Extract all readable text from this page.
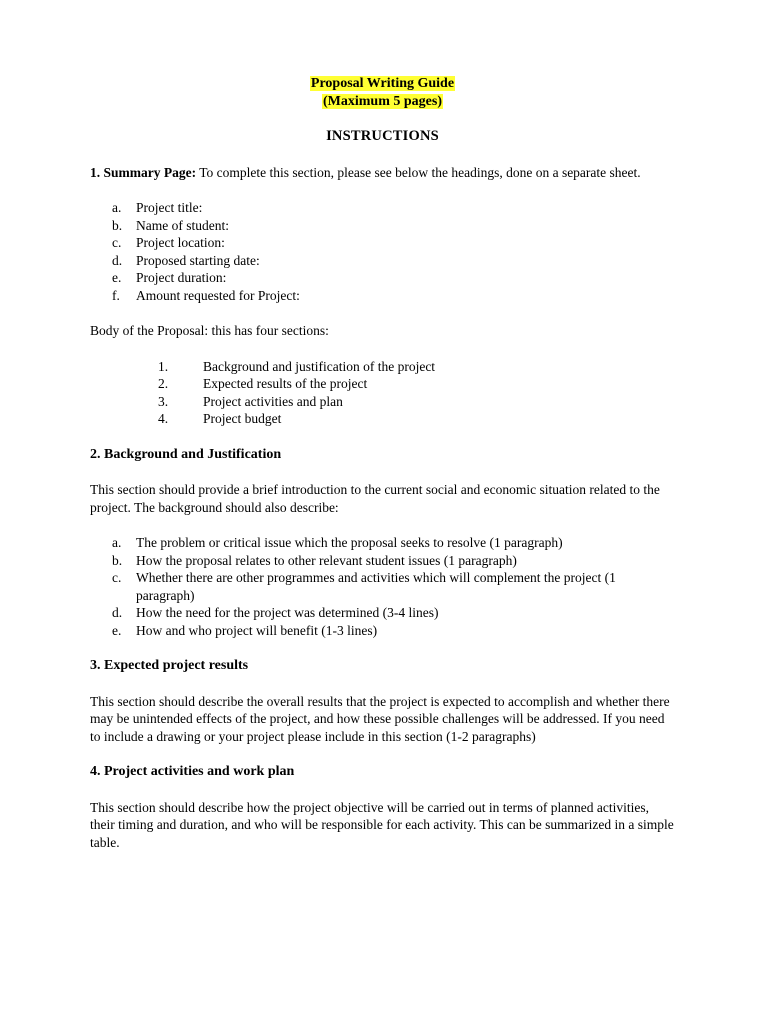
Proposal Writing Guide
(Maximum 5 pages)
INSTRUCTIONS

1. Summary Page: To complete this section, please see below the headings, done on a separate sheet.

a. Project title:
b. Name of student:
c. Project location:
d. Proposed starting date:
e. Project duration:
f. Amount requested for Project:

Body of the Proposal: this has four sections:

1.	Background and justification of the project
2.	Expected results of the project
3.	Project activities and plan
4.	Project budget
2. Background and Justification

This section should provide a brief introduction to the current social and economic situation related to the project. The background should also describe:

a. The problem or critical issue which the proposal seeks to resolve (1 paragraph)
b. How the proposal relates to other relevant student issues (1 paragraph)
c. Whether there are other programmes and activities which will complement the project (1 paragraph)
d. How the need for the project was determined (3-4 lines)
e. How and who project will benefit (1-3 lines)
3. Expected project results

This section should describe the overall results that the project is expected to accomplish and whether there may be unintended effects of the project, and how these possible challenges will be addressed. If you need to include a drawing or your project please include in this section (1-2 paragraphs)

4. Project activities and work plan

This section should describe how the project objective will be carried out in terms of planned activities, their timing and duration, and who will be responsible for each activity. This can be summarized in a simple table.
